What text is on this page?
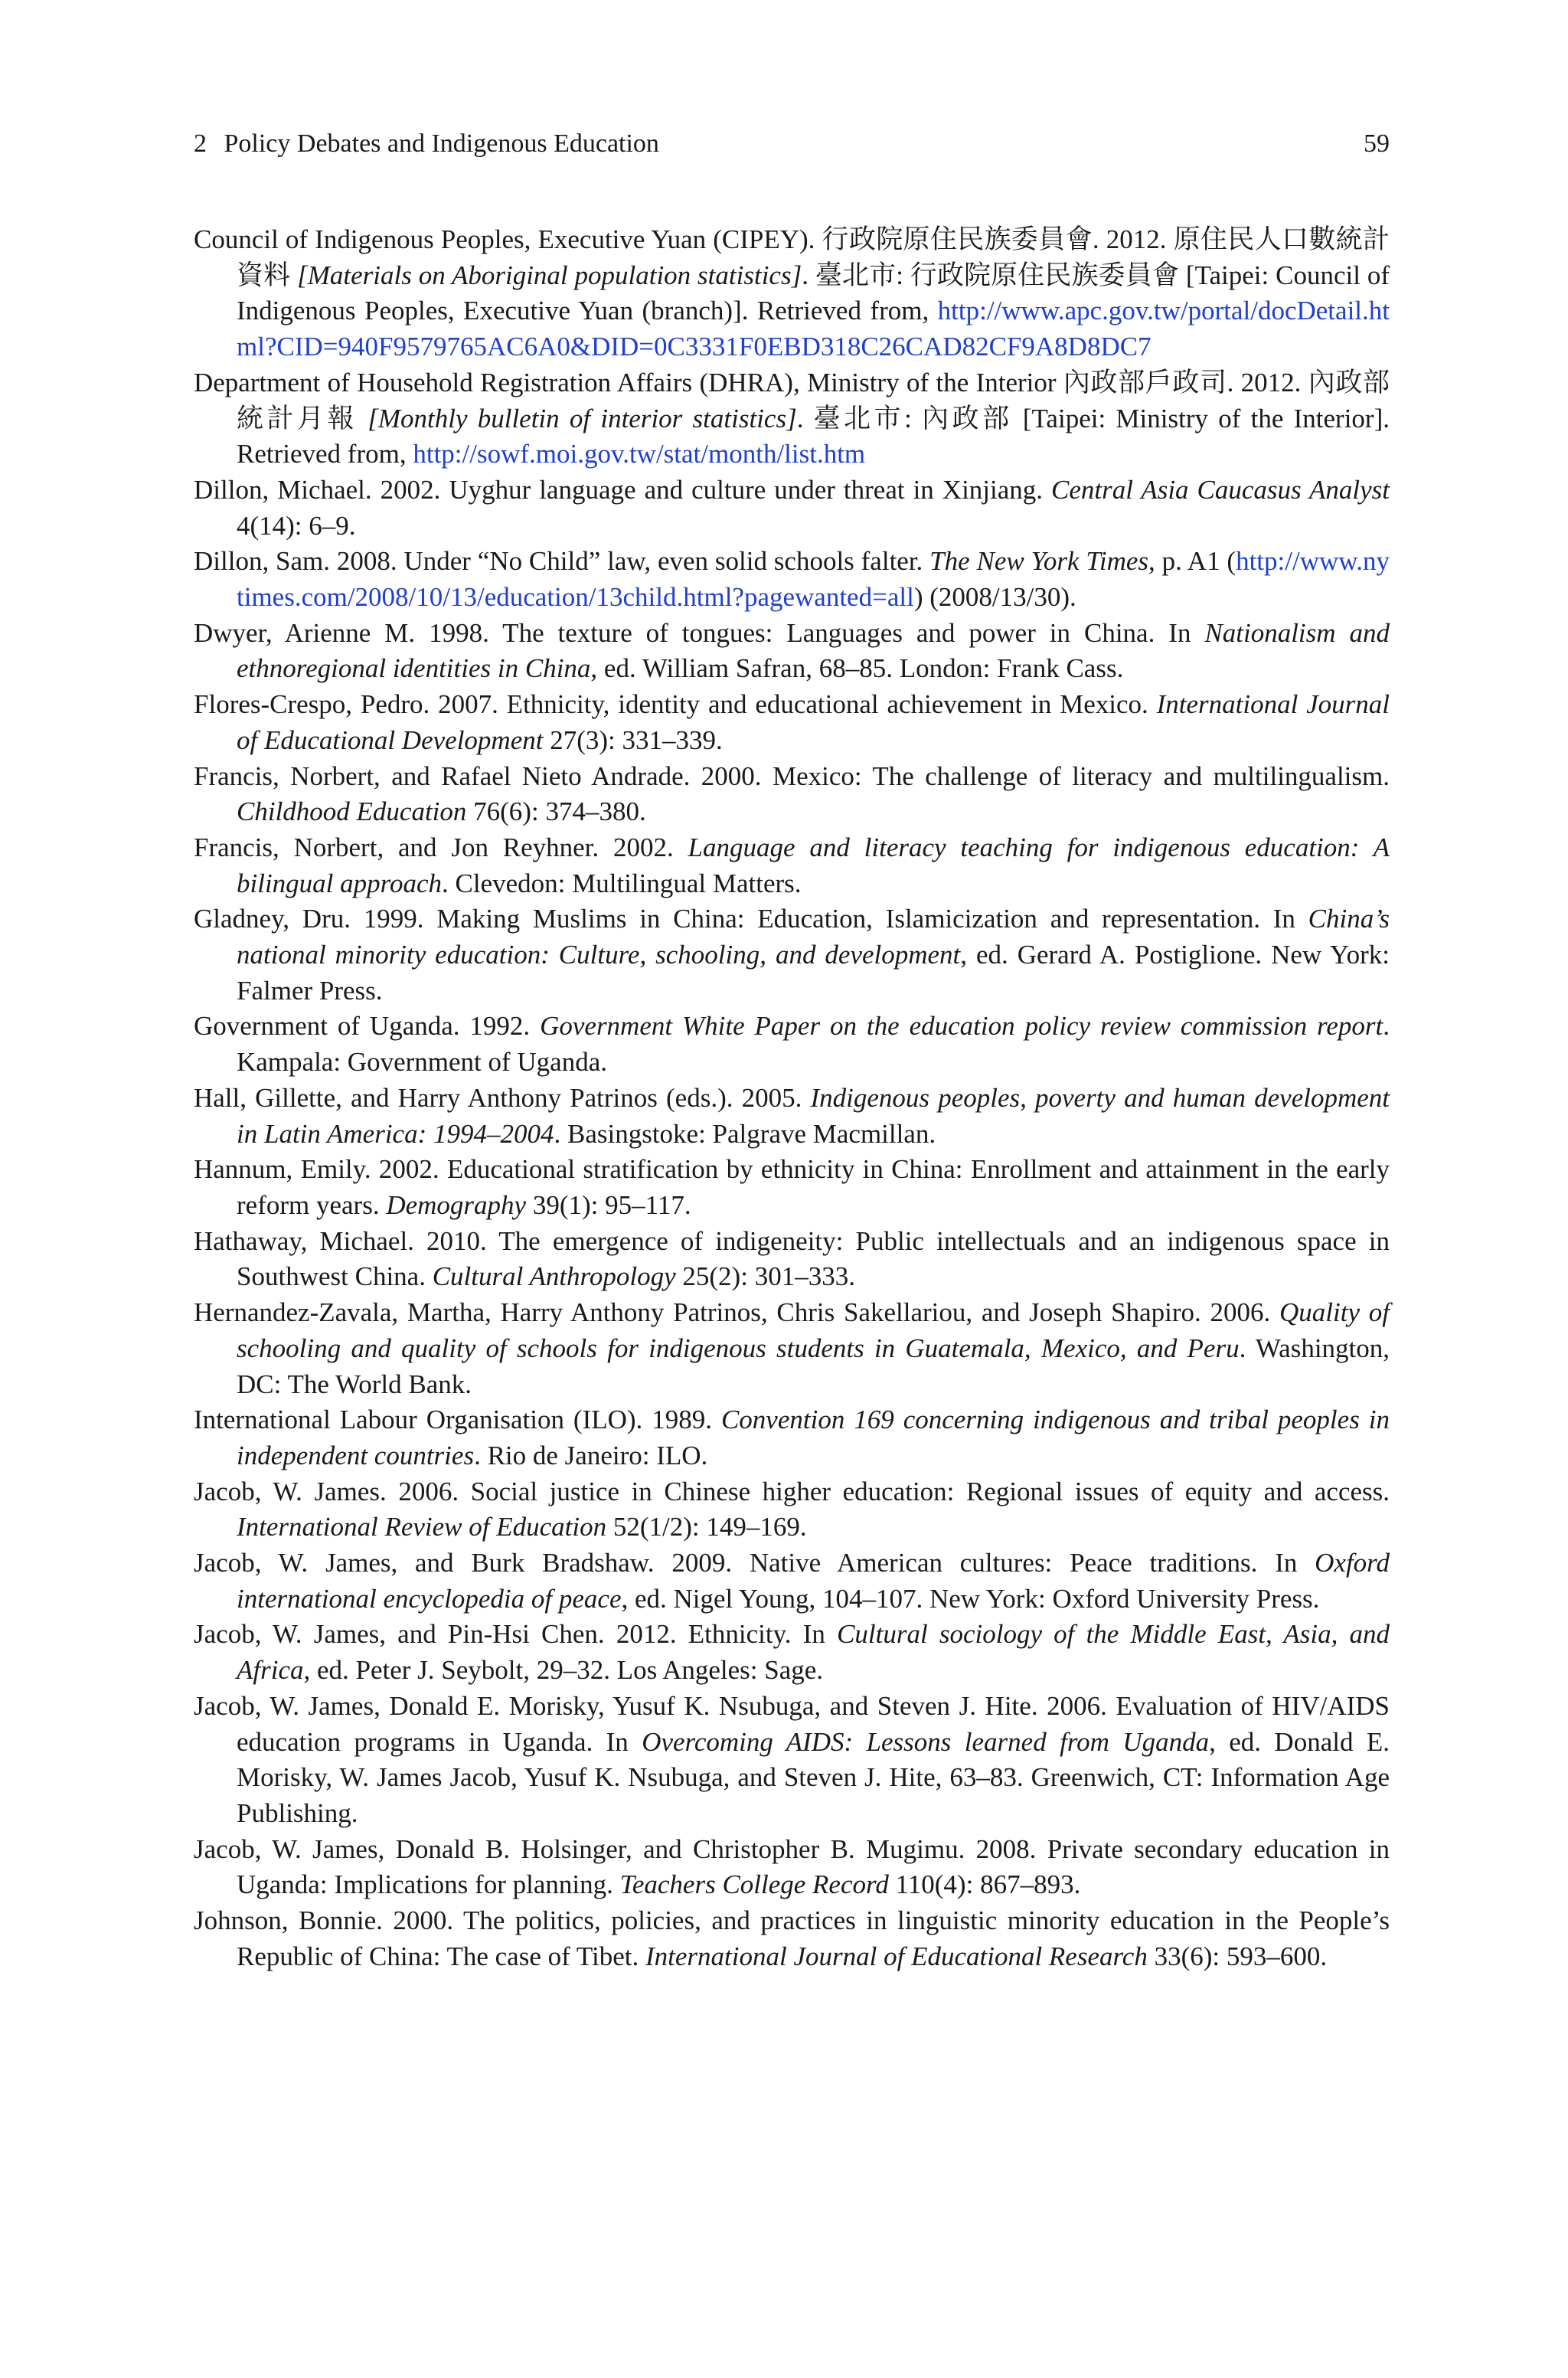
2 Policy Debates and Indigenous Education	59

Council of Indigenous Peoples, Executive Yuan (CIPEY). 行政院原住民族委員會. 2012. 原住民人口數統計資料 [Materials on Aboriginal population statistics]. 臺北市: 行政院原住民族委員會 [Taipei: Council of Indigenous Peoples, Executive Yuan (branch)]. Retrieved from, http://www.apc.gov.tw/portal/docDetail.html?CID=940F9579765AC6A0&DID=0C3331F0EBD318C26CAD82CF9A8D8DC7

Department of Household Registration Affairs (DHRA), Ministry of the Interior 內政部戶政司. 2012. 內政部統計月報 [Monthly bulletin of interior statistics]. 臺北市: 內政部 [Taipei: Ministry of the Interior]. Retrieved from, http://sowf.moi.gov.tw/stat/month/list.htm

Dillon, Michael. 2002. Uyghur language and culture under threat in Xinjiang. Central Asia Caucasus Analyst 4(14): 6–9.

Dillon, Sam. 2008. Under “No Child” law, even solid schools falter. The New York Times, p. A1 (http://www.nytimes.com/2008/10/13/education/13child.html?pagewanted=all) (2008/13/30).

Dwyer, Arienne M. 1998. The texture of tongues: Languages and power in China. In Nationalism and ethnoregional identities in China, ed. William Safran, 68–85. London: Frank Cass.

Flores-Crespo, Pedro. 2007. Ethnicity, identity and educational achievement in Mexico. International Journal of Educational Development 27(3): 331–339.

Francis, Norbert, and Rafael Nieto Andrade. 2000. Mexico: The challenge of literacy and multilingualism. Childhood Education 76(6): 374–380.

Francis, Norbert, and Jon Reyhner. 2002. Language and literacy teaching for indigenous education: A bilingual approach. Clevedon: Multilingual Matters.

Gladney, Dru. 1999. Making Muslims in China: Education, Islamicization and representation. In China’s national minority education: Culture, schooling, and development, ed. Gerard A. Postiglione. New York: Falmer Press.

Government of Uganda. 1992. Government White Paper on the education policy review commission report. Kampala: Government of Uganda.

Hall, Gillette, and Harry Anthony Patrinos (eds.). 2005. Indigenous peoples, poverty and human development in Latin America: 1994–2004. Basingstoke: Palgrave Macmillan.

Hannum, Emily. 2002. Educational stratification by ethnicity in China: Enrollment and attainment in the early reform years. Demography 39(1): 95–117.

Hathaway, Michael. 2010. The emergence of indigeneity: Public intellectuals and an indigenous space in Southwest China. Cultural Anthropology 25(2): 301–333.

Hernandez-Zavala, Martha, Harry Anthony Patrinos, Chris Sakellariou, and Joseph Shapiro. 2006. Quality of schooling and quality of schools for indigenous students in Guatemala, Mexico, and Peru. Washington, DC: The World Bank.

International Labour Organisation (ILO). 1989. Convention 169 concerning indigenous and tribal peoples in independent countries. Rio de Janeiro: ILO.

Jacob, W. James. 2006. Social justice in Chinese higher education: Regional issues of equity and access. International Review of Education 52(1/2): 149–169.

Jacob, W. James, and Burk Bradshaw. 2009. Native American cultures: Peace traditions. In Oxford international encyclopedia of peace, ed. Nigel Young, 104–107. New York: Oxford University Press.

Jacob, W. James, and Pin-Hsi Chen. 2012. Ethnicity. In Cultural sociology of the Middle East, Asia, and Africa, ed. Peter J. Seybolt, 29–32. Los Angeles: Sage.

Jacob, W. James, Donald E. Morisky, Yusuf K. Nsubuga, and Steven J. Hite. 2006. Evaluation of HIV/AIDS education programs in Uganda. In Overcoming AIDS: Lessons learned from Uganda, ed. Donald E. Morisky, W. James Jacob, Yusuf K. Nsubuga, and Steven J. Hite, 63–83. Greenwich, CT: Information Age Publishing.

Jacob, W. James, Donald B. Holsinger, and Christopher B. Mugimu. 2008. Private secondary education in Uganda: Implications for planning. Teachers College Record 110(4): 867–893.

Johnson, Bonnie. 2000. The politics, policies, and practices in linguistic minority education in the People’s Republic of China: The case of Tibet. International Journal of Educational Research 33(6): 593–600.
